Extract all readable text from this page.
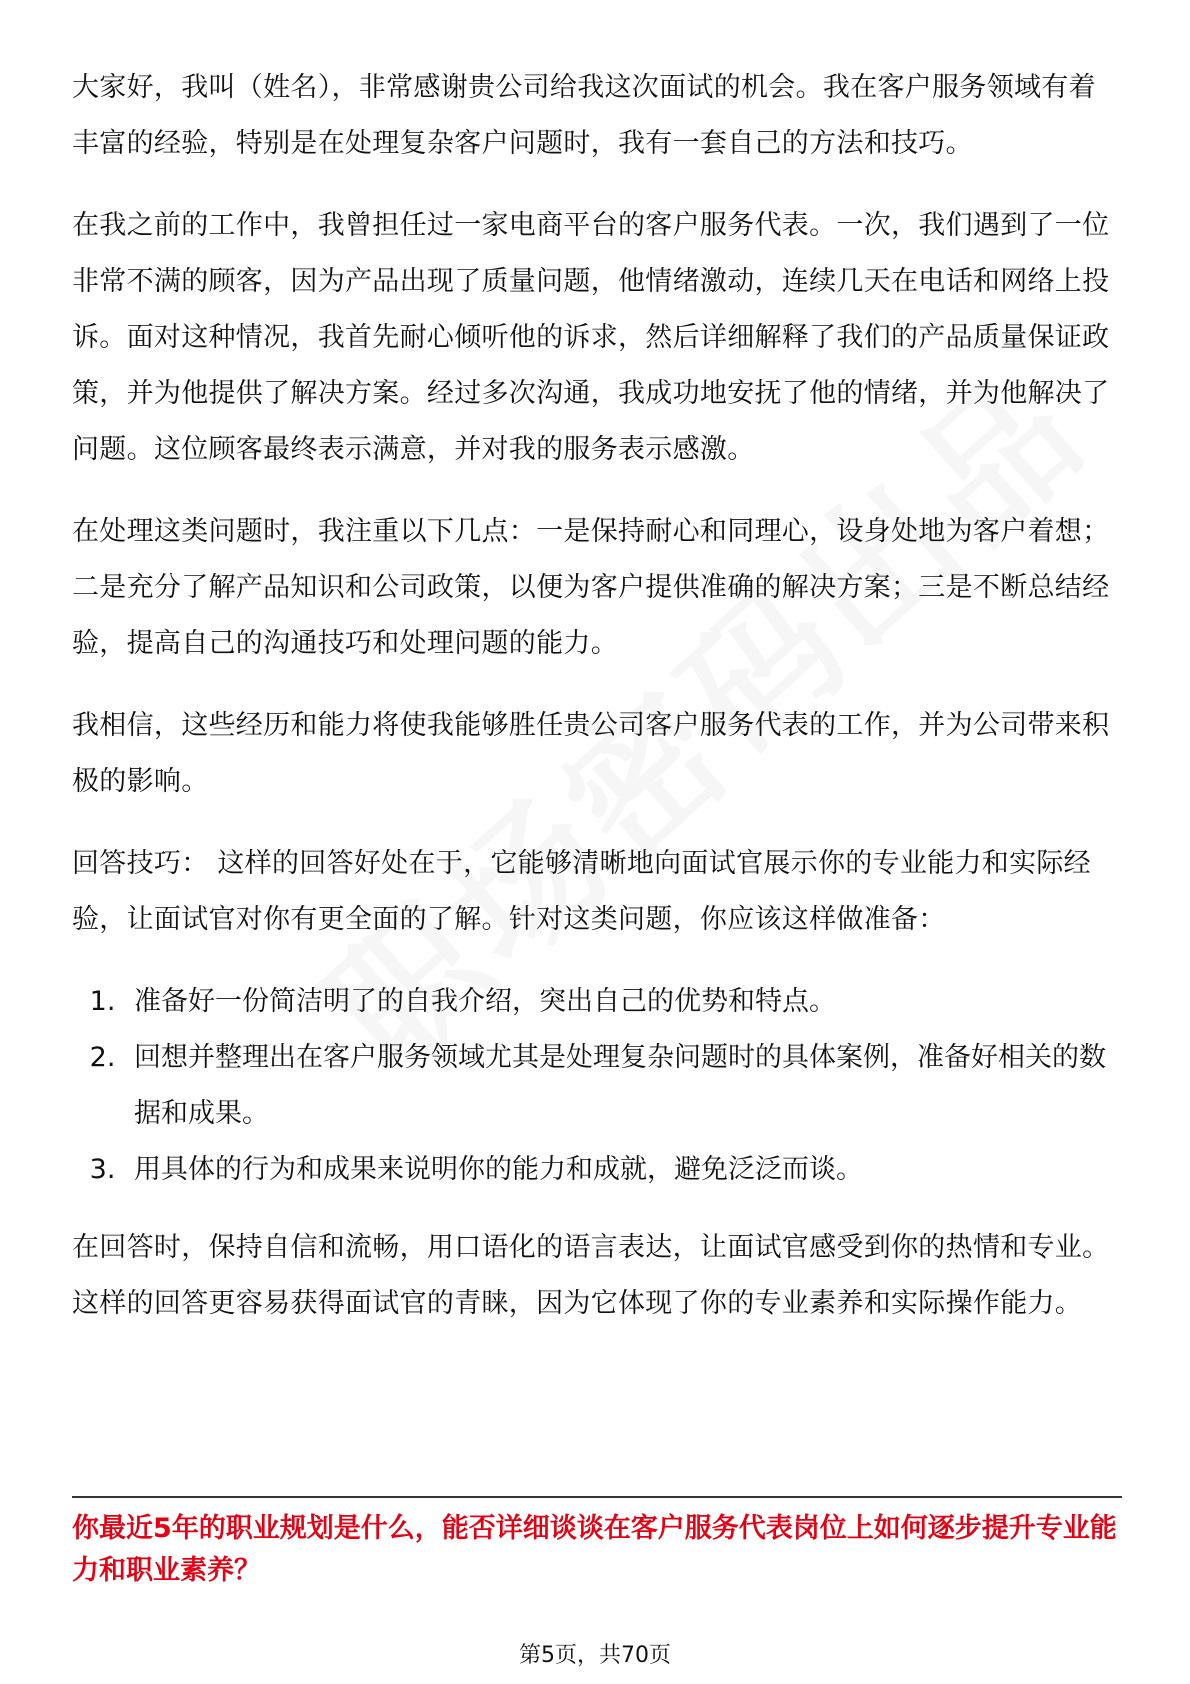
大家好，我叫（姓名），非常感谢贵公司给我这次面试的机会。我在客户服务领域有着丰富的经验，特别是在处理复杂客户问题时，我有一套自己的方法和技巧。

在我之前的工作中，我曾担任过一家电商平台的客户服务代表。一次，我们遇到了一位非常不满的顾客，因为产品出现了质量问题，他情绪激动，连续几天在电话和网络上投诉。面对这种情况，我首先耐心倾听他的诉求，然后详细解释了我们的产品质量保证政策，并为他提供了解决方案。经过多次沟通，我成功地安抚了他的情绪，并为他解决了问题。这位顾客最终表示满意，并对我的服务表示感激。

在处理这类问题时，我注重以下几点：一是保持耐心和同理心，设身处地为客户着想；二是充分了解产品知识和公司政策，以便为客户提供准确的解决方案；三是不断总结经验，提高自己的沟通技巧和处理问题的能力。

我相信，这些经历和能力将使我能够胜任贵公司客户服务代表的工作，并为公司带来积极的影响。

回答技巧： 这样的回答好处在于，它能够清晰地向面试官展示你的专业能力和实际经验，让面试官对你有更全面的了解。针对这类问题，你应该这样做准备：

1. 准备好一份简洁明了的自我介绍，突出自己的优势和特点。
2. 回想并整理出在客户服务领域尤其是处理复杂问题时的具体案例，准备好相关的数据和成果。
3. 用具体的行为和成果来说明你的能力和成就，避免泛泛而谈。

在回答时，保持自信和流畅，用口语化的语言表达，让面试官感受到你的热情和专业。这样的回答更容易获得面试官的青睐，因为它体现了你的专业素养和实际操作能力。

你最近5年的职业规划是什么，能否详细谈谈在客户服务代表岗位上如何逐步提升专业能力和职业素养？

第5页，共70页
